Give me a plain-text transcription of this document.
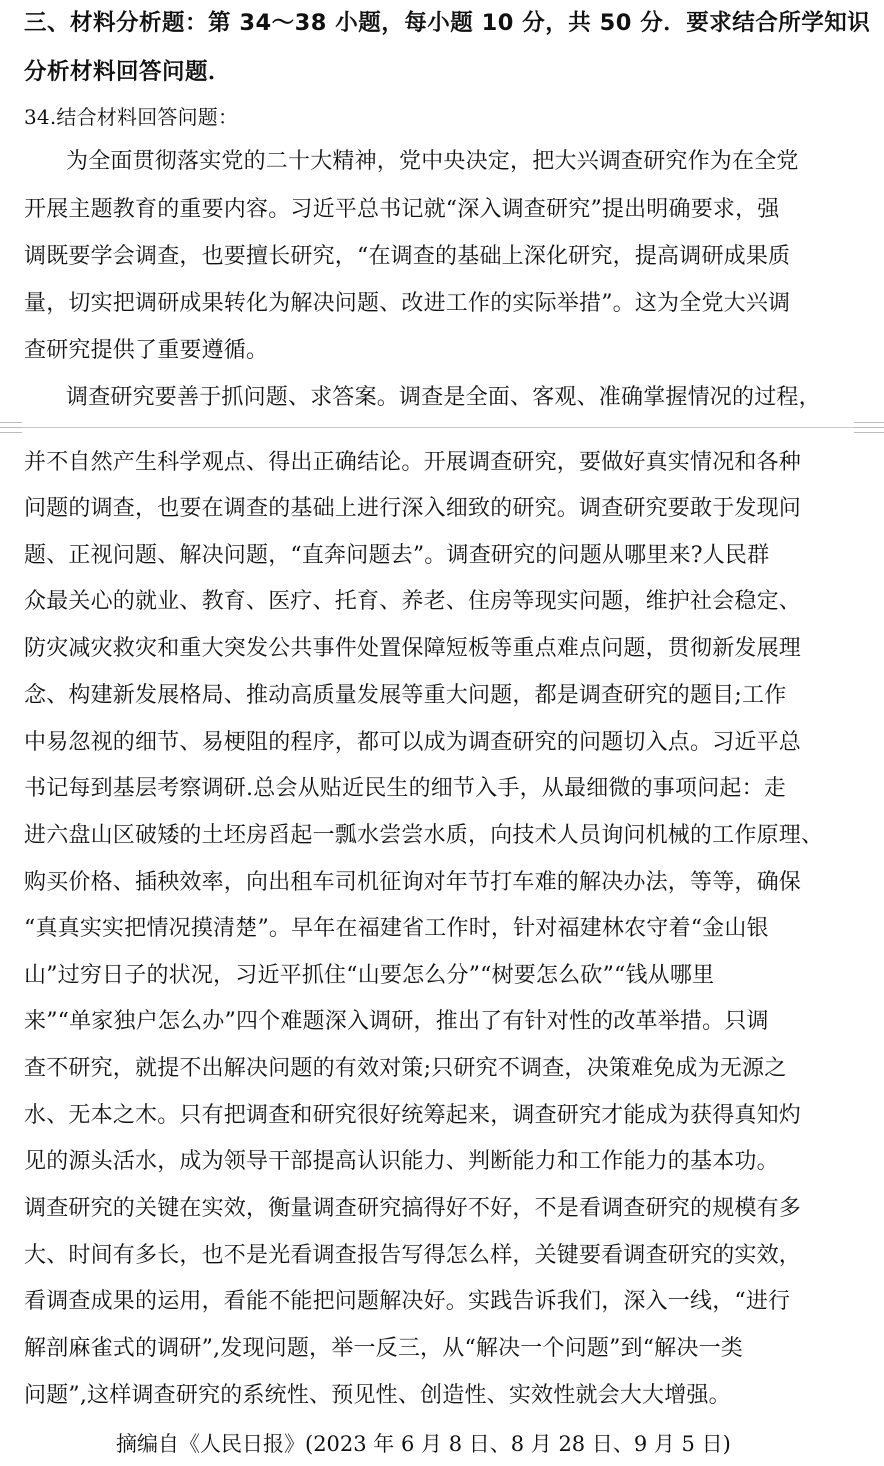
三、材料分析题：第 34～38 小题，每小题 10 分，共 50 分．要求结合所学知识
分析材料回答问题．
34.结合材料回答问题：
为全面贯彻落实党的二十大精神，党中央决定，把大兴调查研究作为在全党
开展主题教育的重要内容。习近平总书记就“深入调查研究”提出明确要求，强
调既要学会调查，也要擅长研究，“在调查的基础上深化研究，提高调研成果质
量，切实把调研成果转化为解决问题、改进工作的实际举措”。这为全党大兴调
查研究提供了重要遵循。
调查研究要善于抓问题、求答案。调查是全面、客观、准确掌握情况的过程，
并不自然产生科学观点、得出正确结论。开展调查研究，要做好真实情况和各种
问题的调查，也要在调查的基础上进行深入细致的研究。调查研究要敢于发现问
题、正视问题、解决问题，“直奔问题去”。调查研究的问题从哪里来?人民群
众最关心的就业、教育、医疗、托育、养老、住房等现实问题，维护社会稳定、
防灾减灾救灾和重大突发公共事件处置保障短板等重点难点问题，贯彻新发展理
念、构建新发展格局、推动高质量发展等重大问题，都是调查研究的题目;工作
中易忽视的细节、易梗阻的程序，都可以成为调查研究的问题切入点。习近平总
书记每到基层考察调研.总会从贴近民生的细节入手，从最细微的事项问起：走
进六盘山区破矮的土坯房舀起一瓢水尝尝水质，向技术人员询问机械的工作原理、
购买价格、插秧效率，向出租车司机征询对年节打车难的解决办法，等等，确保
“真真实实把情况摸清楚”。早年在福建省工作时，针对福建林农守着“金山银
山”过穷日子的状况，习近平抓住“山要怎么分”“树要怎么砍”“钱从哪里
来”“单家独户怎么办”四个难题深入调研，推出了有针对性的改革举措。只调
查不研究，就提不出解决问题的有效对策;只研究不调查，决策难免成为无源之
水、无本之木。只有把调查和研究很好统筹起来，调查研究才能成为获得真知灼
见的源头活水，成为领导干部提高认识能力、判断能力和工作能力的基本功。
调查研究的关键在实效，衡量调查研究搞得好不好，不是看调查研究的规模有多
大、时间有多长，也不是光看调查报告写得怎么样，关键要看调查研究的实效，
看调查成果的运用，看能不能把问题解决好。实践告诉我们，深入一线，“进行
解剖麻雀式的调研”,发现问题，举一反三，从“解决一个问题”到“解决一类
问题”,这样调查研究的系统性、预见性、创造性、实效性就会大大增强。
摘编自《人民日报》(2023 年 6 月 8 日、8 月 28 日、9 月 5 日)
